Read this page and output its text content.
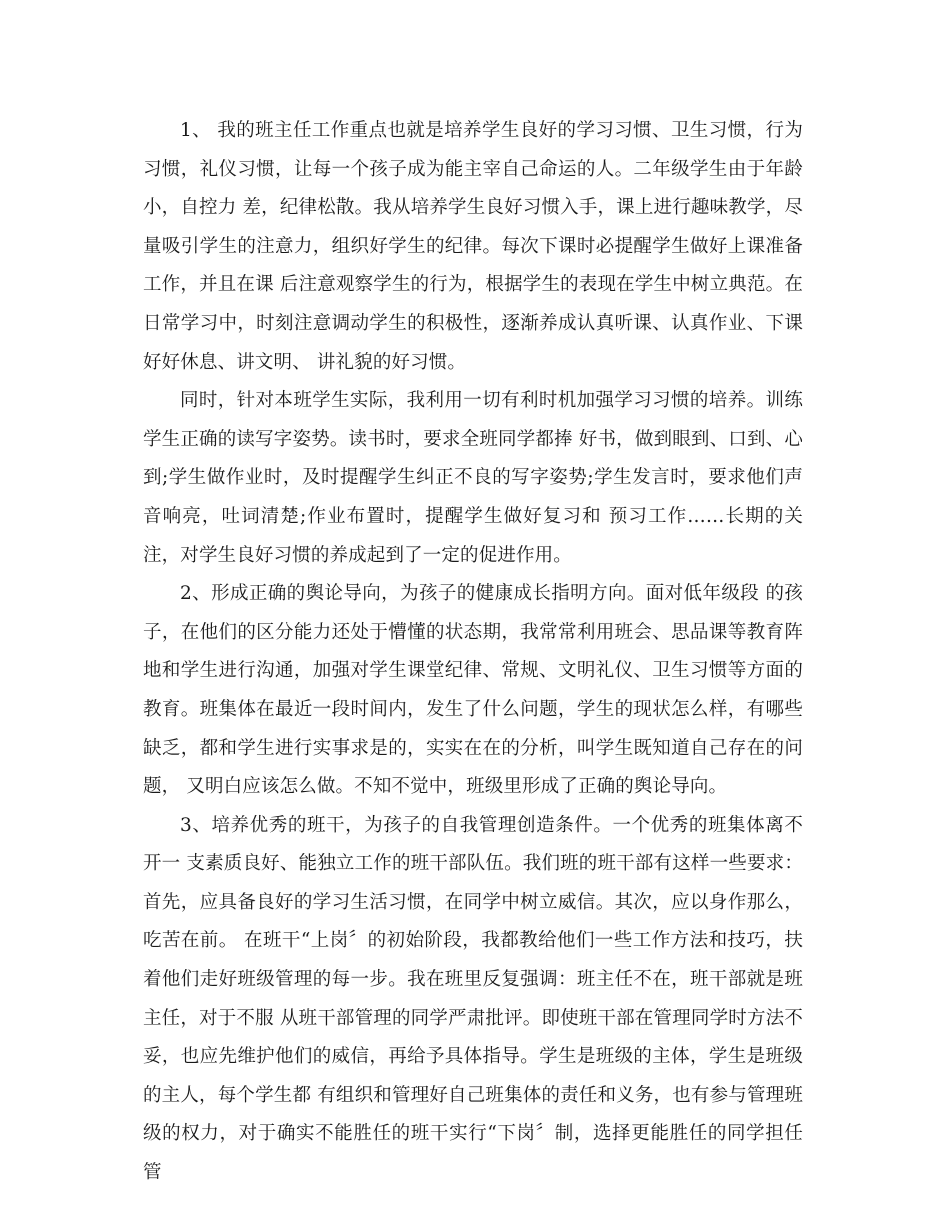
1、 我的班主任工作重点也就是培养学生良好的学习习惯、卫生习惯，行为习惯，礼仪习惯，让每一个孩子成为能主宰自己命运的人。二年级学生由于年龄小，自控力 差，纪律松散。我从培养学生良好习惯入手，课上进行趣味教学，尽量吸引学生的注意力，组织好学生的纪律。每次下课时必提醒学生做好上课准备工作，并且在课 后注意观察学生的行为，根据学生的表现在学生中树立典范。在日常学习中，时刻注意调动学生的积极性，逐渐养成认真听课、认真作业、下课好好休息、讲文明、 讲礼貌的好习惯。

同时，针对本班学生实际，我利用一切有利时机加强学习习惯的培养。训练学生正确的读写字姿势。读书时，要求全班同学都捧 好书，做到眼到、口到、心到;学生做作业时，及时提醒学生纠正不良的写字姿势;学生发言时，要求他们声音响亮，吐词清楚;作业布置时，提醒学生做好复习和 预习工作……长期的关注，对学生良好习惯的养成起到了一定的促进作用。

2、形成正确的舆论导向，为孩子的健康成长指明方向。面对低年级段 的孩子，在他们的区分能力还处于懵懂的状态期，我常常利用班会、思品课等教育阵地和学生进行沟通，加强对学生课堂纪律、常规、文明礼仪、卫生习惯等方面的教育。班集体在最近一段时间内，发生了什么问题，学生的现状怎么样，有哪些缺乏，都和学生进行实事求是的，实实在在的分析，叫学生既知道自己存在的问题， 又明白应该怎么做。不知不觉中，班级里形成了正确的舆论导向。

3、培养优秀的班干，为孩子的自我管理创造条件。一个优秀的班集体离不开一 支素质良好、能独立工作的班干部队伍。我们班的班干部有这样一些要求：首先，应具备良好的学习生活习惯，在同学中树立威信。其次，应以身作那么，吃苦在前。 在班干“上岗〞的初始阶段，我都教给他们一些工作方法和技巧，扶着他们走好班级管理的每一步。我在班里反复强调：班主任不在，班干部就是班主任，对于不服 从班干部管理的同学严肃批评。即使班干部在管理同学时方法不妥，也应先维护他们的威信，再给予具体指导。学生是班级的主体，学生是班级的主人，每个学生都 有组织和管理好自己班集体的责任和义务，也有参与管理班级的权力，对于确实不能胜任的班干实行“下岗〞制，选择更能胜任的同学担任管
